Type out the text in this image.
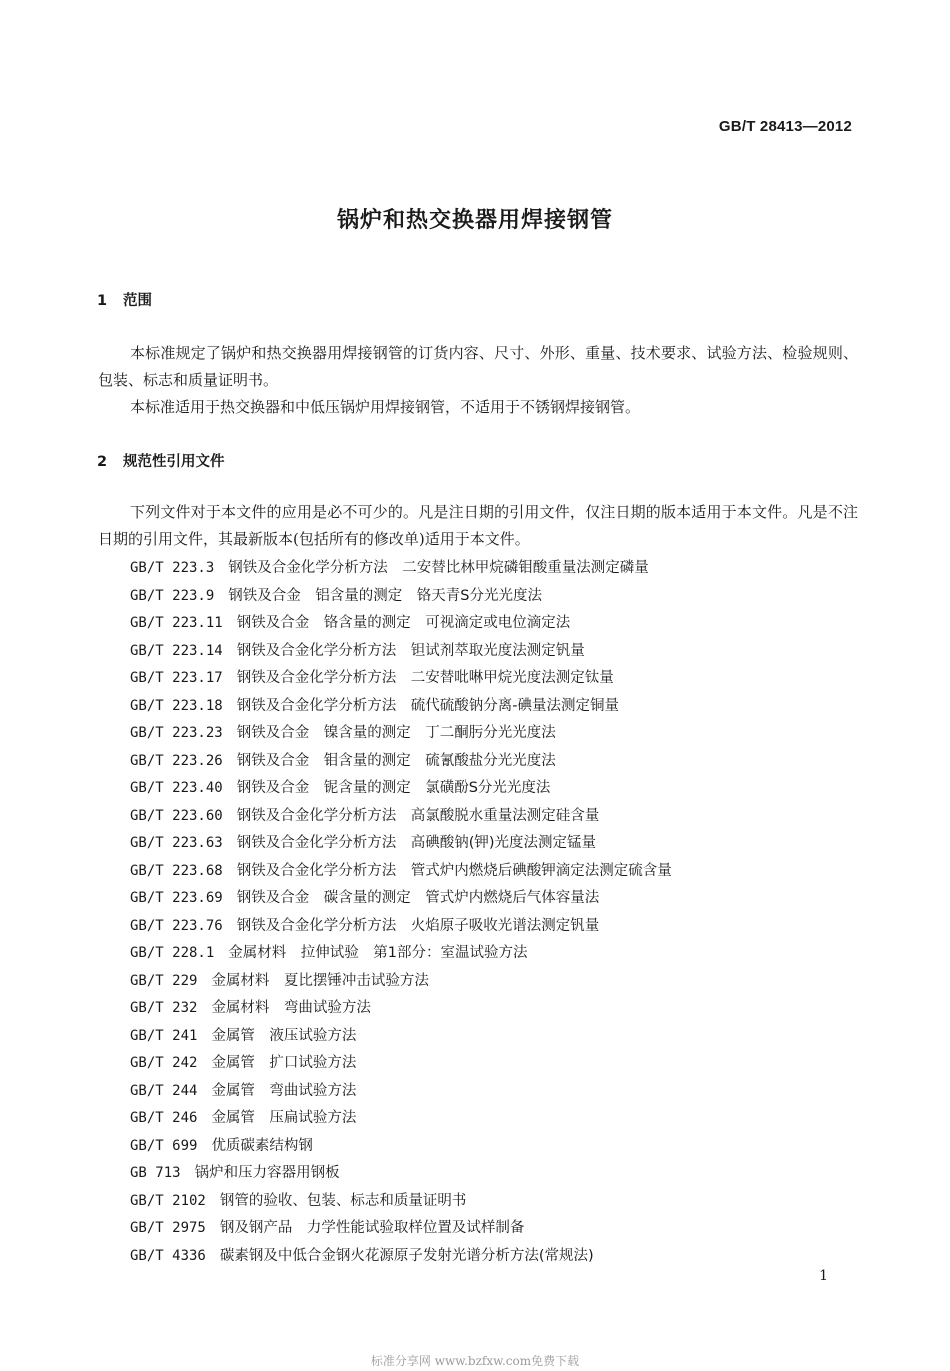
GB/T 28413—2012
锅炉和热交换器用焊接钢管
1 范围
本标准规定了锅炉和热交换器用焊接钢管的订货内容、尺寸、外形、重量、技术要求、试验方法、检验规则、包装、标志和质量证明书。
本标准适用于热交换器和中低压锅炉用焊接钢管，不适用于不锈钢焊接钢管。
2 规范性引用文件
下列文件对于本文件的应用是必不可少的。凡是注日期的引用文件，仅注日期的版本适用于本文件。凡是不注日期的引用文件，其最新版本(包括所有的修改单)适用于本文件。
GB/T 223.3 钢铁及合金化学分析方法　二安替比林甲烷磷钼酸重量法测定磷量
GB/T 223.9 钢铁及合金　铝含量的测定　铬天青S分光光度法
GB/T 223.11 钢铁及合金　铬含量的测定　可视滴定或电位滴定法
GB/T 223.14 钢铁及合金化学分析方法　钽试剂萃取光度法测定钒量
GB/T 223.17 钢铁及合金化学分析方法　二安替吡啉甲烷光度法测定钛量
GB/T 223.18 钢铁及合金化学分析方法　硫代硫酸钠分离-碘量法测定铜量
GB/T 223.23 钢铁及合金　镍含量的测定　丁二酮肟分光光度法
GB/T 223.26 钢铁及合金　钼含量的测定　硫氰酸盐分光光度法
GB/T 223.40 钢铁及合金　铌含量的测定　氯磺酚S分光光度法
GB/T 223.60 钢铁及合金化学分析方法　高氯酸脱水重量法测定硅含量
GB/T 223.63 钢铁及合金化学分析方法　高碘酸钠(钾)光度法测定锰量
GB/T 223.68 钢铁及合金化学分析方法　管式炉内燃烧后碘酸钾滴定法测定硫含量
GB/T 223.69 钢铁及合金　碳含量的测定　管式炉内燃烧后气体容量法
GB/T 223.76 钢铁及合金化学分析方法　火焰原子吸收光谱法测定钒量
GB/T 228.1 金属材料　拉伸试验　第1部分：室温试验方法
GB/T 229 金属材料　夏比摆锤冲击试验方法
GB/T 232 金属材料　弯曲试验方法
GB/T 241 金属管　液压试验方法
GB/T 242 金属管　扩口试验方法
GB/T 244 金属管　弯曲试验方法
GB/T 246 金属管　压扁试验方法
GB/T 699 优质碳素结构钢
GB 713 锅炉和压力容器用钢板
GB/T 2102 钢管的验收、包装、标志和质量证明书
GB/T 2975 钢及钢产品　力学性能试验取样位置及试样制备
GB/T 4336 碳素钢及中低合金钢火花源原子发射光谱分析方法(常规法)
1
标准分享网 www.bzfxw.com免费下载
